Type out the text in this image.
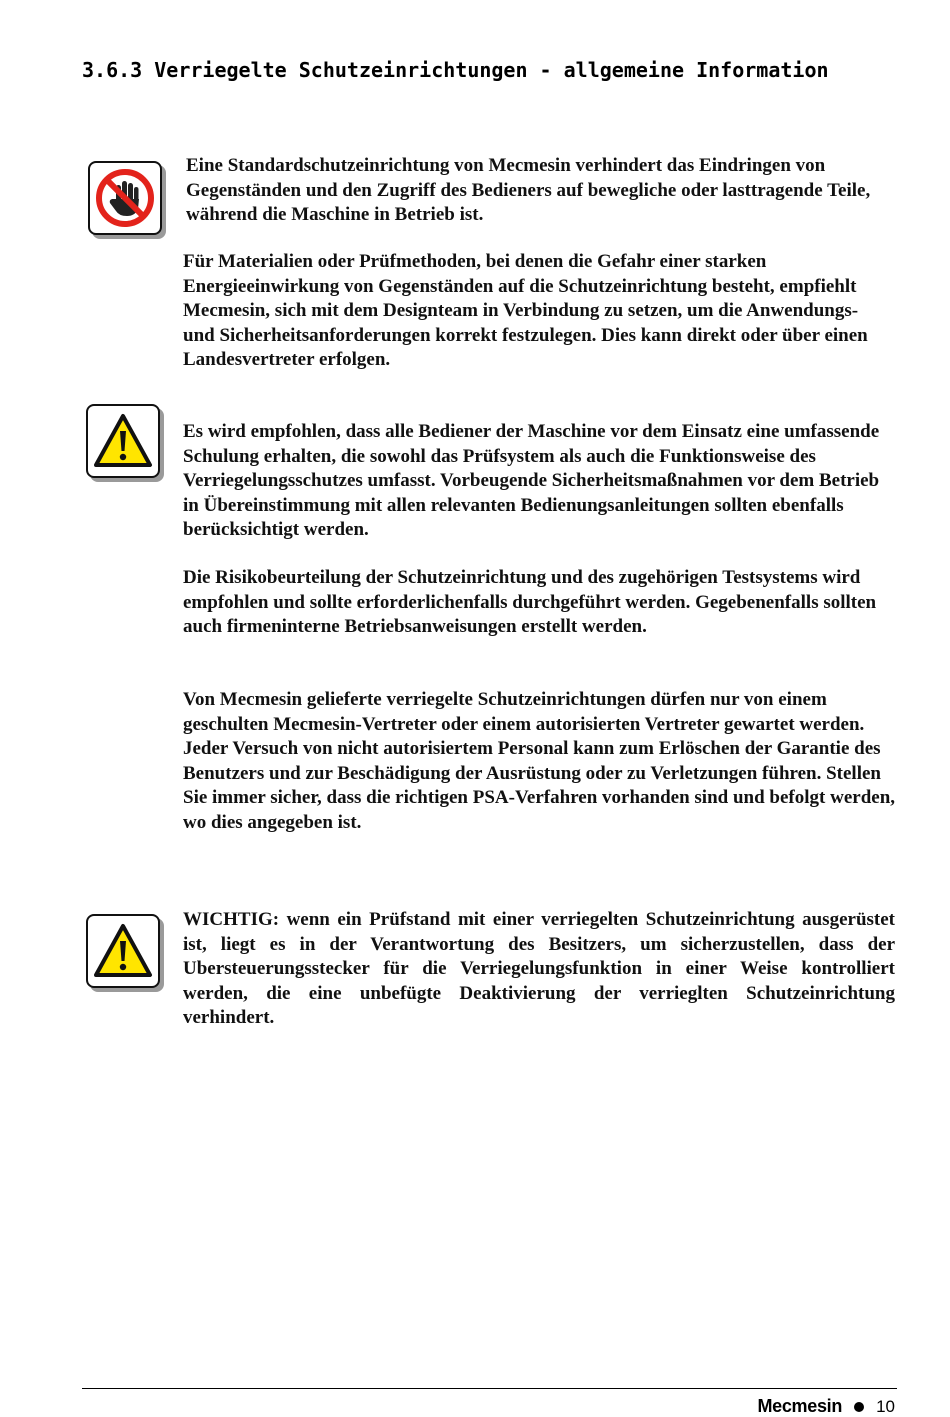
3.6.3 Verriegelte Schutzeinrichtungen - allgemeine Information

Eine Standardschutzeinrichtung von Mecmesin verhindert das Eindringen von Gegenständen und den Zugriff des Bedieners auf bewegliche oder lasttragende Teile, während die Maschine in Betrieb ist.

Für Materialien oder Prüfmethoden, bei denen die Gefahr einer starken Energieeinwirkung von Gegenständen auf die Schutzeinrichtung besteht, empfiehlt Mecmesin, sich mit dem Designteam in Verbindung zu setzen, um die Anwendungs- und Sicherheitsanforderungen korrekt festzulegen. Dies kann direkt oder über einen Landesvertreter erfolgen.

Es wird empfohlen, dass alle Bediener der Maschine vor dem Einsatz eine umfassende Schulung erhalten, die sowohl das Prüfsystem als auch die Funktionsweise des Verriegelungsschutzes umfasst. Vorbeugende Sicherheitsmaßnahmen vor dem Betrieb in Übereinstimmung mit allen relevanten Bedienungsanleitungen sollten ebenfalls berücksichtigt werden.

Die Risikobeurteilung der Schutzeinrichtung und des zugehörigen Testsystems wird empfohlen und sollte erforderlichenfalls durchgeführt werden. Gegebenenfalls sollten auch firmeninterne Betriebsanweisungen erstellt werden.

Von Mecmesin gelieferte verriegelte Schutzeinrichtungen dürfen nur von einem geschulten Mecmesin-Vertreter oder einem autorisierten Vertreter gewartet werden. Jeder Versuch von nicht autorisiertem Personal kann zum Erlöschen der Garantie des Benutzers und zur Beschädigung der Ausrüstung oder zu Verletzungen führen. Stellen Sie immer sicher, dass die richtigen PSA-Verfahren vorhanden sind und befolgt werden, wo dies angegeben ist.

WICHTIG: wenn ein Prüfstand mit einer verriegelten Schutzeinrichtung ausgerüstet ist, liegt es in der Verantwortung des Besitzers, um sicherzustellen, dass der Ubersteuerungsstecker für die Verriegelungsfunktion in einer Weise kontrolliert werden, die eine unbefügte Deaktivierung der verrieglten Schutzeinrichtung verhindert.

Mecmesin 10
